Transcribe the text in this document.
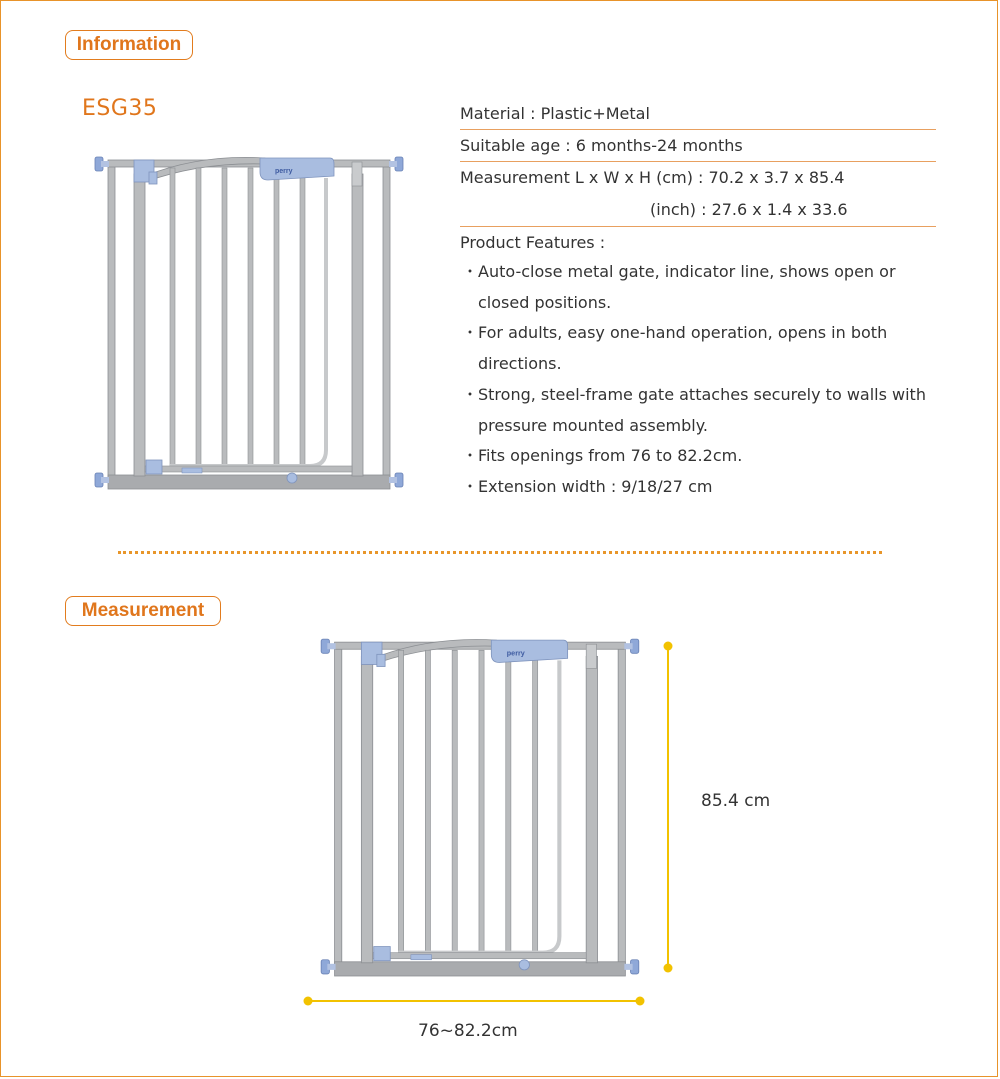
Information
ESG35
perry
Material : Plastic+Metal
Suitable age : 6 months-24 months
Measurement L x W x H (cm) : 70.2 x 3.7 x 85.4
(inch) : 27.6 x 1.4 x 33.6
Product Features :
・ Auto-close metal gate, indicator line, shows open or
closed positions.
・ For adults, easy one-hand operation, opens in both
directions.
・ Strong, steel-frame gate attaches securely to walls with
pressure mounted assembly.
・ Fits openings from 76 to 82.2cm.
・ Extension width : 9/18/27 cm
Measurement
perry
85.4 cm
76~82.2cm
